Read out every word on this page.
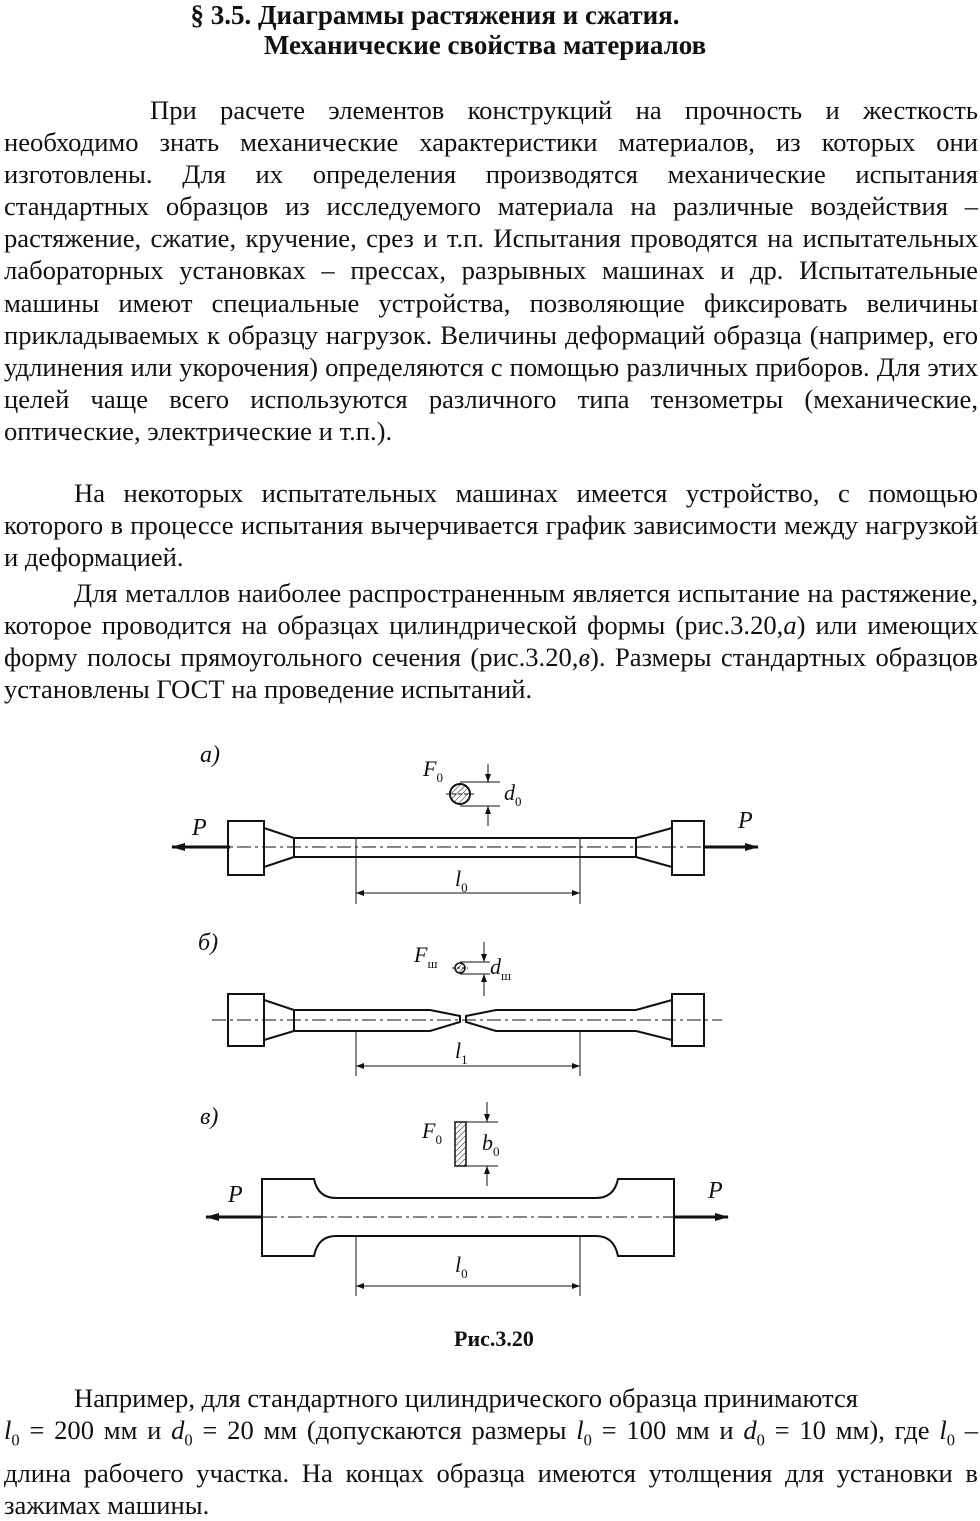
§ 3.5. Диаграммы растяжения и сжатия.
Механические свойства материалов
При расчете элементов конструкций на прочность и жесткость необходимо знать механические характеристики материалов, из которых они изготовлены. Для их определения производятся механические испытания стандартных образцов из исследуемого материала на различные воздействия – растяжение, сжатие, кручение, срез и т.п. Испытания проводятся на испытательных лабораторных установках – прессах, разрывных машинах и др. Испытательные машины имеют специальные устройства, позволяющие фиксировать величины прикладываемых к образцу нагрузок. Величины деформаций образца (например, его удлинения или укорочения) определяются с помощью различных приборов. Для этих целей чаще всего используются различного типа тензометры (механические, оптические, электрические и т.п.).
На некоторых испытательных машинах имеется устройство, с помощью которого в процессе испытания вычерчивается график зависимости между нагрузкой и деформацией.
Для металлов наиболее распространенным является испытание на растяжение, которое проводится на образцах цилиндрической формы (рис.3.20,а) или имеющих форму полосы прямоугольного сечения (рис.3.20,в). Размеры стандартных образцов установлены ГОСТ на проведение испытаний.
а)
P	P
$l_0$
$F_0$
$d_0$
б)
$l_1$
$F_ш$ $d_ш$
в)
P	P
$l_0$
$F_0$ $b_0$
Рис.3.20
Например, для стандартного цилиндрического образца принимаются
$l_0 = 200$ мм и $d_0 = 20$ мм (допускаются размеры $l_0 = 100$ мм и $d_0 = 10$ мм), где $l_0$ – длина рабочего участка. На концах образца имеются утолщения для установки в зажимах машины.
